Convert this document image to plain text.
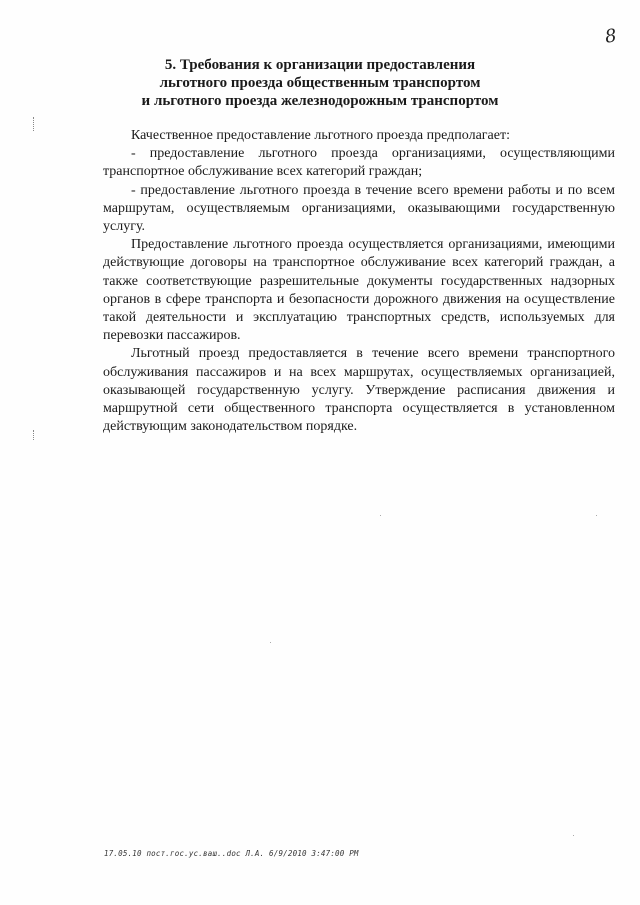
8
5. Требования к организации предоставления
льготного проезда общественным транспортом
и льготного проезда железнодорожным транспортом

Качественное предоставление льготного проезда предполагает:

- предоставление льготного проезда организациями, осуществляющими транспортное обслуживание всех категорий граждан;

- предоставление льготного проезда в течение всего времени работы и по всем маршрутам, осуществляемым организациями, оказывающими государственную услугу.

Предоставление льготного проезда осуществляется организациями, имеющими действующие договоры на транспортное обслуживание всех категорий граждан, а также соответствующие разрешительные документы государственных надзорных органов в сфере транспорта и безопасности дорожного движения на осуществление такой деятельности и эксплуатацию транспортных средств, используемых для перевозки пассажиров.

Льготный проезд предоставляется в течение всего времени транспортного обслуживания пассажиров и на всех маршрутах, осуществляемых организацией, оказывающей государственную услугу. Утверждение расписания движения и маршрутной сети общественного транспорта осуществляется в установленном действующим законодательством порядке.

17.05.10 пост.гос.ус.ваш..doc Л.А. 6/9/2010 3:47:00 PM
